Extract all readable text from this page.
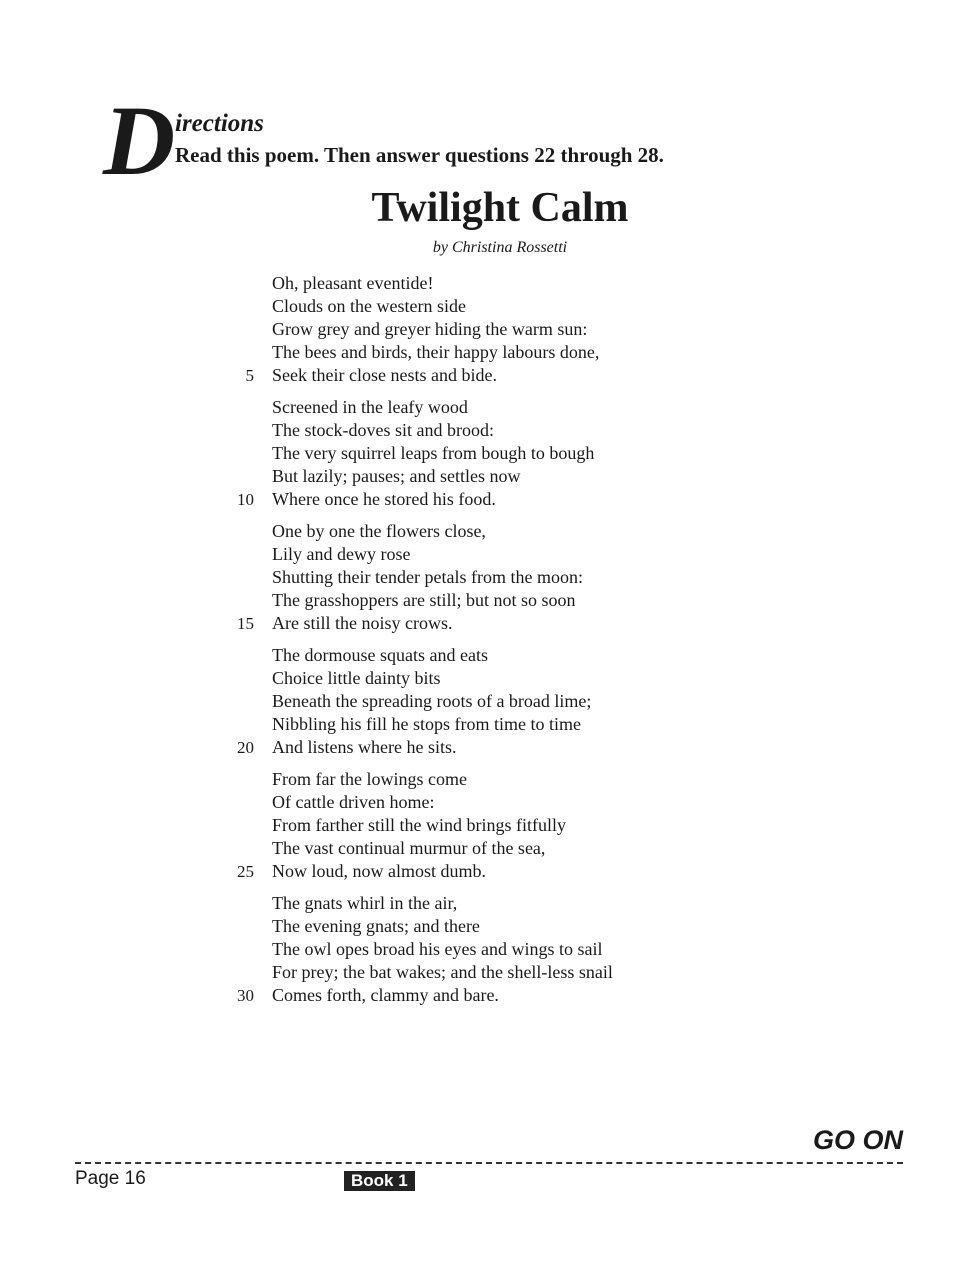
D irections
Read this poem. Then answer questions 22 through 28.
Twilight Calm
by Christina Rossetti
Oh, pleasant eventide!
Clouds on the western side
Grow grey and greyer hiding the warm sun:
The bees and birds, their happy labours done,
5 Seek their close nests and bide.
Screened in the leafy wood
The stock-doves sit and brood:
The very squirrel leaps from bough to bough
But lazily; pauses; and settles now
10 Where once he stored his food.
One by one the flowers close,
Lily and dewy rose
Shutting their tender petals from the moon:
The grasshoppers are still; but not so soon
15 Are still the noisy crows.
The dormouse squats and eats
Choice little dainty bits
Beneath the spreading roots of a broad lime;
Nibbling his fill he stops from time to time
20 And listens where he sits.
From far the lowings come
Of cattle driven home:
From farther still the wind brings fitfully
The vast continual murmur of the sea,
25 Now loud, now almost dumb.
The gnats whirl in the air,
The evening gnats; and there
The owl opes broad his eyes and wings to sail
For prey; the bat wakes; and the shell-less snail
30 Comes forth, clammy and bare.
GO ON
Page 16	Book 1
